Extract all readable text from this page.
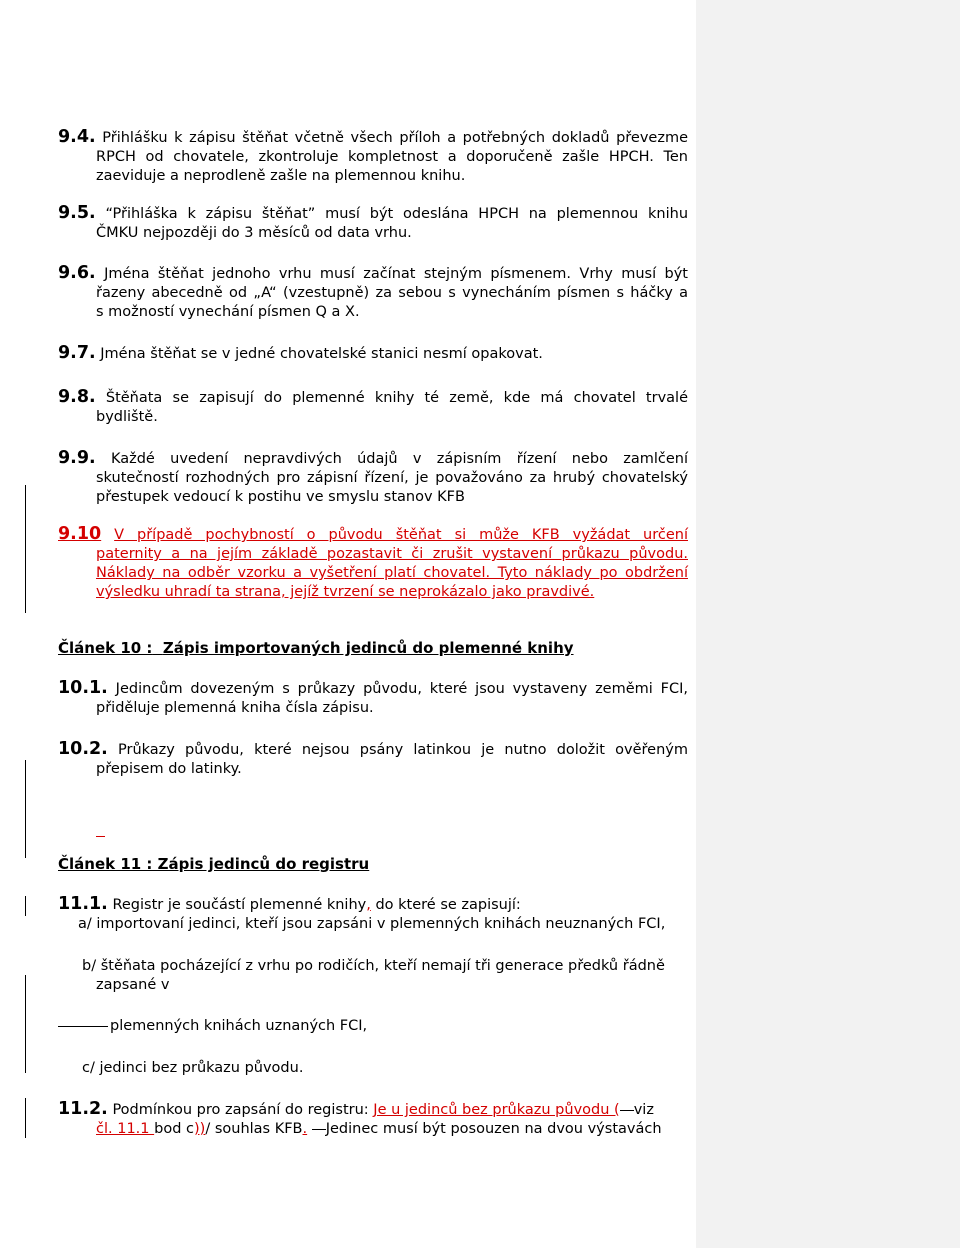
9.4. Přihlášku k zápisu štěňat včetně všech příloh a potřebných dokladů převezme

RPCH od chovatele, zkontroluje kompletnost a doporučeně zašle HPCH. Ten

zaeviduje a neprodleně zašle na plemennou knihu.

9.5. “Přihláška k zápisu štěňat” musí být odeslána HPCH na plemennou knihu

ČMKU nejpozději do 3 měsíců od data vrhu.

9.6. Jména štěňat jednoho vrhu musí začínat stejným písmenem. Vrhy musí být

řazeny abecedně od „A“ (vzestupně) za sebou s vynecháním písmen s háčky a

s možností vynechání písmen Q a X.

9.7. Jména štěňat se v jedné chovatelské stanici nesmí opakovat.

9.8. Štěňata se zapisují do plemenné knihy té země, kde má chovatel trvalé

bydliště.

9.9. Každé uvedení nepravdivých údajů v zápisním řízení nebo zamlčení

skutečností rozhodných pro zápisní řízení, je považováno za hrubý chovatelský

přestupek vedoucí k postihu ve smyslu stanov KFB

9.10 V případě pochybností o původu štěňat si může KFB vyžádat určení

paternity a na jejím základě pozastavit či zrušit vystavení průkazu původu.

Náklady na odběr vzorku a vyšetření platí chovatel. Tyto náklady po obdržení

výsledku uhradí ta strana, jejíž tvrzení se neprokázalo jako pravdivé.

Článek 10 : Zápis importovaných jedinců do plemenné knihy

10.1. Jedincům dovezeným s průkazy původu, které jsou vystaveny zeměmi FCI,

přiděluje plemenná kniha čísla zápisu.

10.2. Průkazy původu, které nejsou psány latinkou je nutno doložit ověřeným

přepisem do latinky.

Článek 11 : Zápis jedinců do registru

11.1. Registr je součástí plemenné knihy, do které se zapisují:

a/ importovaní jedinci, kteří jsou zapsáni v plemenných knihách neuznaných FCI,

b/ štěňata pocházející z vrhu po rodičích, kteří nemají tři generace předků řádně

zapsané v

plemenných knihách uznaných FCI,

c/ jedinci bez průkazu původu.

11.2. Podmínkou pro zapsání do registru: Je u jedinců bez průkazu původu ( viz

čl. 11.1 bod c))/ souhlas KFB. Jedinec musí být posouzen na dvou výstavách
